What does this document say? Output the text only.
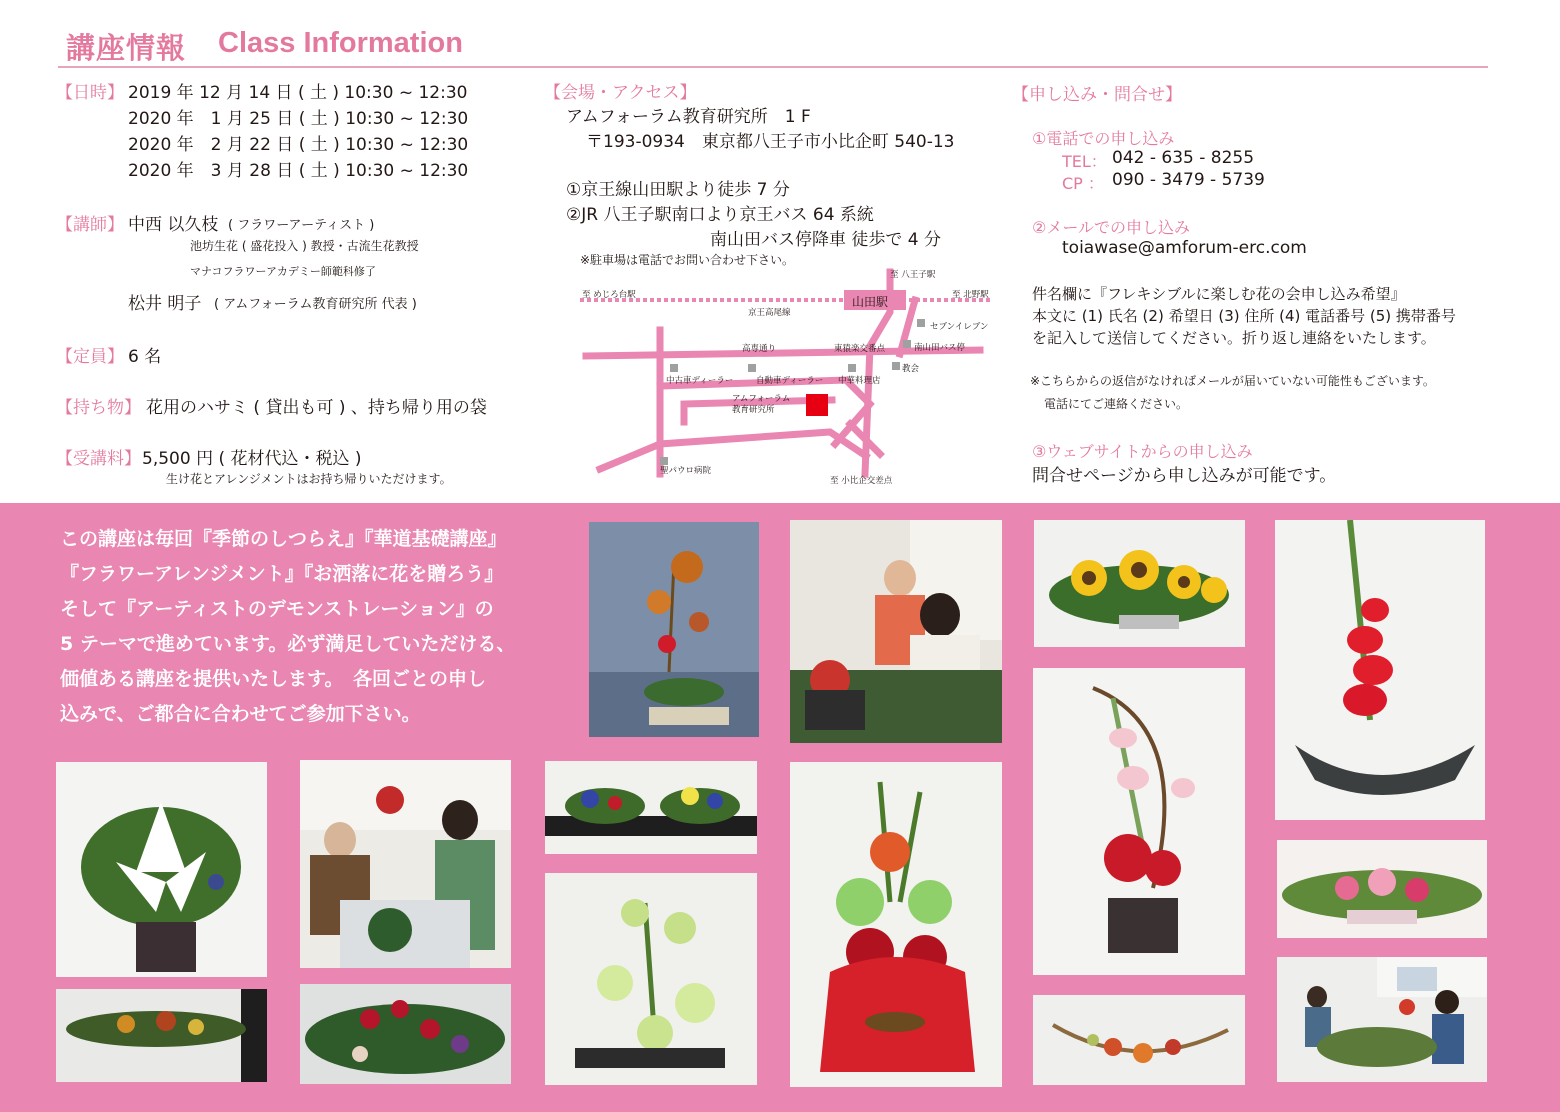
講座情報 Class Information
【日時】 2019 年 12 月 14 日 ( 土 ) 10:30 ~ 12:30
2020 年　1 月 25 日 ( 土 ) 10:30 ~ 12:30
2020 年　2 月 22 日 ( 土 ) 10:30 ~ 12:30
2020 年　3 月 28 日 ( 土 ) 10:30 ~ 12:30
【講師】 中西 以久枝 ( フラワーアーティスト )
池坊生花 ( 盛花投入 ) 教授・古流生花教授
マナコフラワーアカデミー師範科修了
松井 明子 ( アムフォーラム教育研究所 代表 )
【定員】 6 名
【持ち物】 花用のハサミ ( 貸出も可 ) 、持ち帰り用の袋
【受講料】 5,500 円 ( 花材代込・税込 )
生け花とアレンジメントはお持ち帰りいただけます。
【会場・アクセス】
アムフォーラム教育研究所　1 F
〒193-0934　東京都八王子市小比企町 540-13
①京王線山田駅より徒歩 7 分
②JR 八王子駅南口より京王バス 64 系統
南山田バス停降車 徒歩で 4 分
※駐車場は電話でお問い合わせ下さい。
至 めじろ台駅
至 八王子駅
至 北野駅
山田駅
京王高尾線
セブンイレブン
高専通り	東猿楽交番点	南山田バス停
中古車ディーラー	自動車ディーラー 中華料理店
教会
アムフォーラム
教育研究所
聖パウロ病院
至 小比企交差点
【申し込み・問合せ】
①電話での申し込み
TEL： 042 - 635 - 8255
CP ： 090 - 3479 - 5739
②メールでの申し込み
toiawase@amforum-erc.com
件名欄に『フレキシブルに楽しむ花の会申し込み希望』
本文に (1) 氏名 (2) 希望日 (3) 住所 (4) 電話番号 (5) 携帯番号
を記入して送信してください。折り返し連絡をいたします。
※こちらからの返信がなければメールが届いていない可能性もございます。
電話にてご連絡ください。
③ウェブサイトからの申し込み
問合せページから申し込みが可能です。
この講座は毎回『季節のしつらえ』『華道基礎講座』
『フラワーアレンジメント』『お洒落に花を贈ろう』
そして『アーティストのデモンストレーション』の
5 テーマで進めています。必ず満足していただける、
価値ある講座を提供いたします。　各回ごとの申し
込みで、ご都合に合わせてご参加下さい。
